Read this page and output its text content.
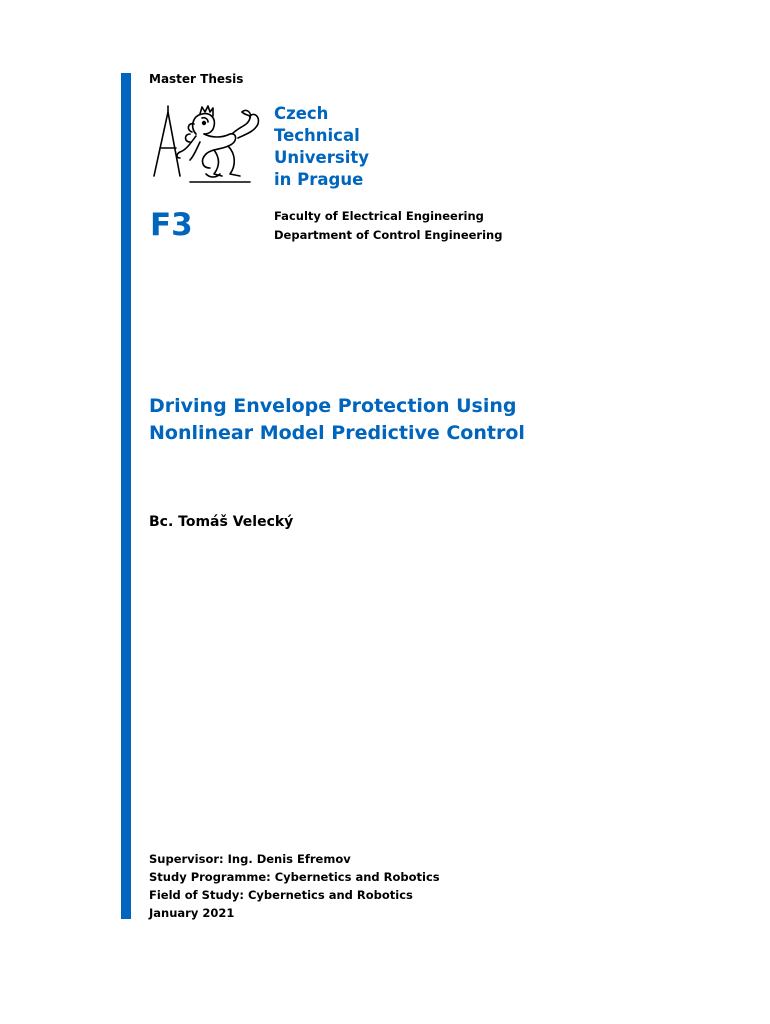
Master Thesis
Czech
Technical
University
in Prague
F3	Faculty of Electrical Engineering
Department of Control Engineering
Driving Envelope Protection Using
Nonlinear Model Predictive Control
Bc. Tomáš Velecký
Supervisor: Ing. Denis Efremov
Study Programme: Cybernetics and Robotics
Field of Study: Cybernetics and Robotics
January 2021
